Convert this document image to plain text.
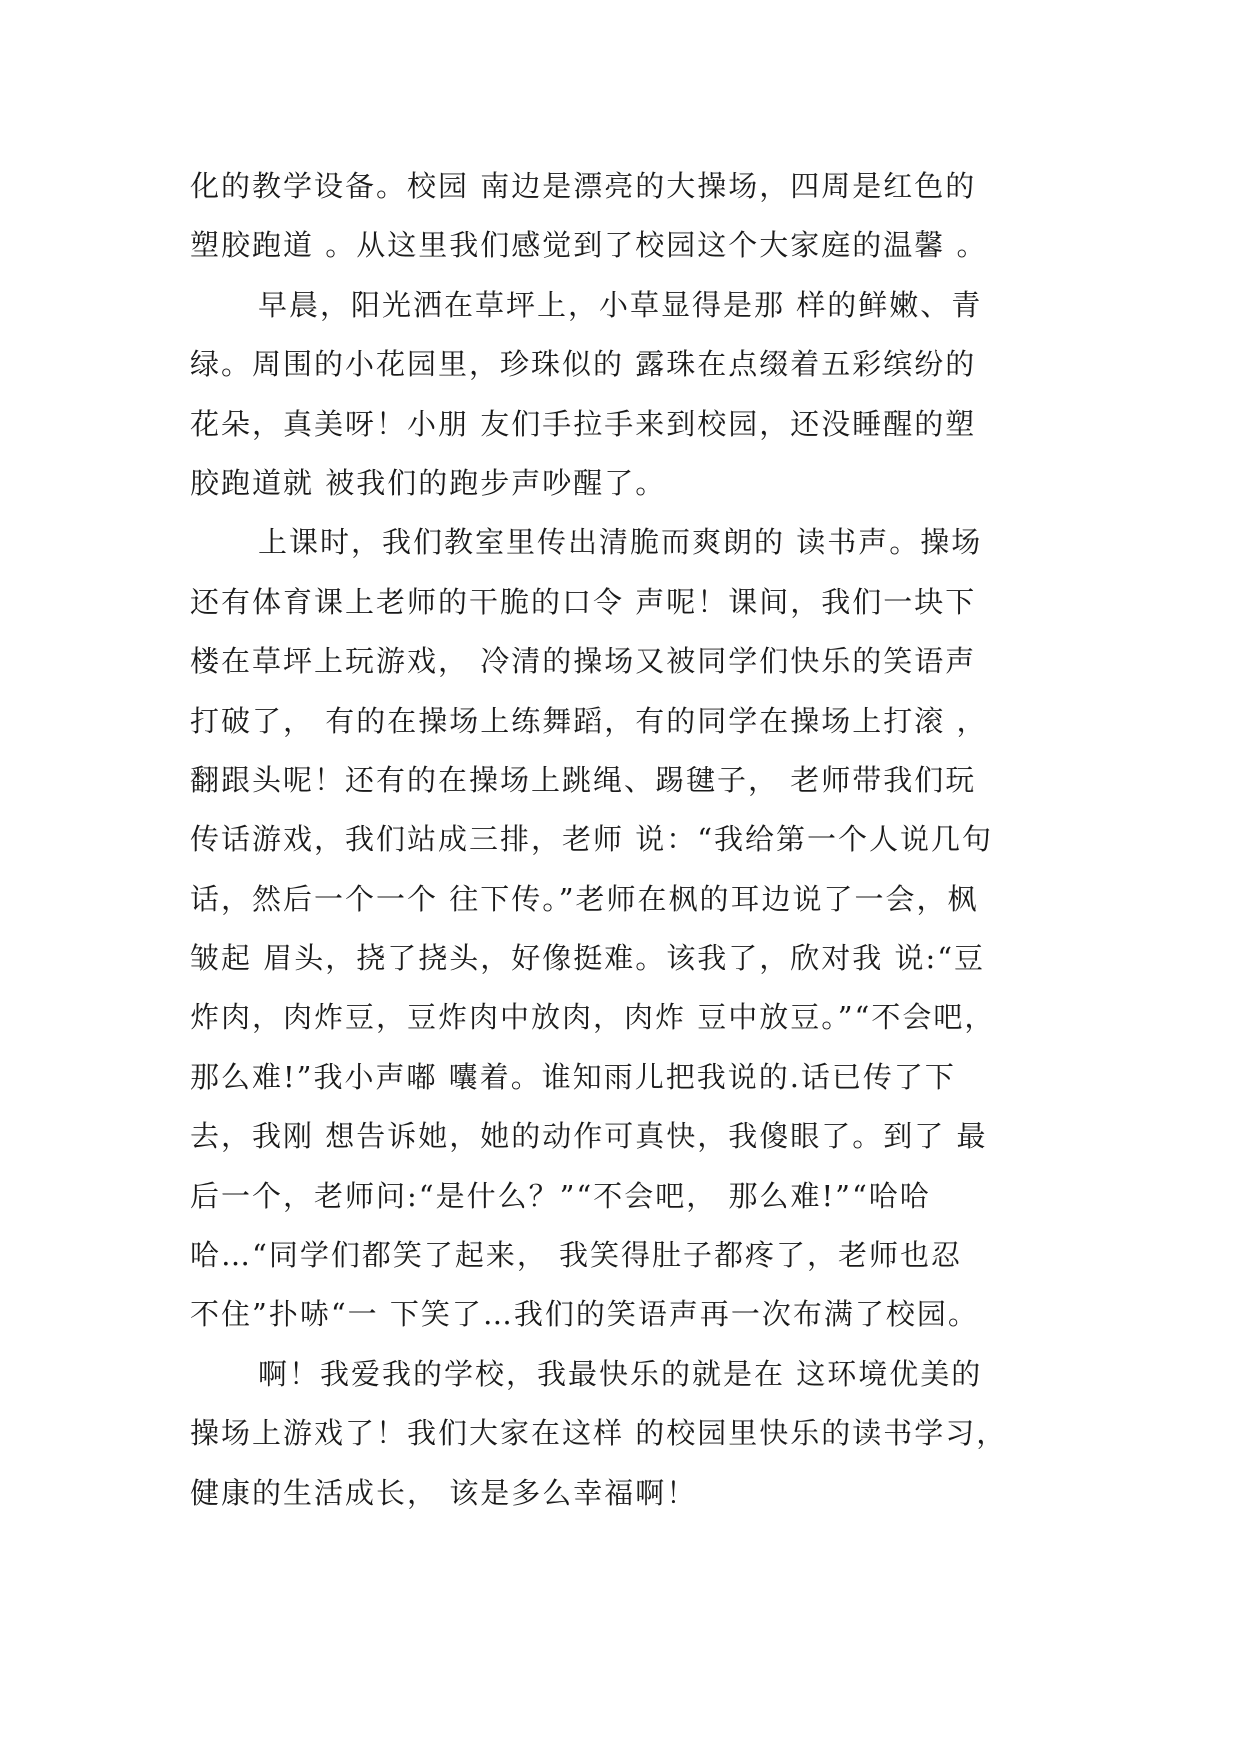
化的教学设备。校园 南边是漂亮的大操场，四周是红色的
塑胶跑道 。从这里我们感觉到了校园这个大家庭的温馨 。
早晨，阳光洒在草坪上，小草显得是那 样的鲜嫩、青
绿。周围的小花园里，珍珠似的 露珠在点缀着五彩缤纷的
花朵，真美呀！小朋 友们手拉手来到校园，还没睡醒的塑
胶跑道就 被我们的跑步声吵醒了。
上课时，我们教室里传出清脆而爽朗的 读书声。操场
还有体育课上老师的干脆的口令 声呢！课间，我们一块下
楼在草坪上玩游戏， 冷清的操场又被同学们快乐的笑语声
打破了， 有的在操场上练舞蹈，有的同学在操场上打滚 ，
翻跟头呢！还有的在操场上跳绳、踢毽子， 老师带我们玩
传话游戏，我们站成三排，老师 说：“我给第一个人说几句
话，然后一个一个 往下传。”老师在枫的耳边说了一会，枫
皱起 眉头，挠了挠头，好像挺难。该我了，欣对我 说:“豆
炸肉，肉炸豆，豆炸肉中放肉，肉炸 豆中放豆。”“不会吧，
那么难!”我小声嘟 囔着。谁知雨儿把我说的.话已传了下
去，我刚 想告诉她，她的动作可真快，我傻眼了。到了 最
后一个，老师问:“是什么？”“不会吧， 那么难!”“哈哈
哈…“同学们都笑了起来， 我笑得肚子都疼了，老师也忍
不住”扑哧“一 下笑了…我们的笑语声再一次布满了校园。
啊！我爱我的学校，我最快乐的就是在 这环境优美的
操场上游戏了！我们大家在这样 的校园里快乐的读书学习，
健康的生活成长， 该是多么幸福啊！
